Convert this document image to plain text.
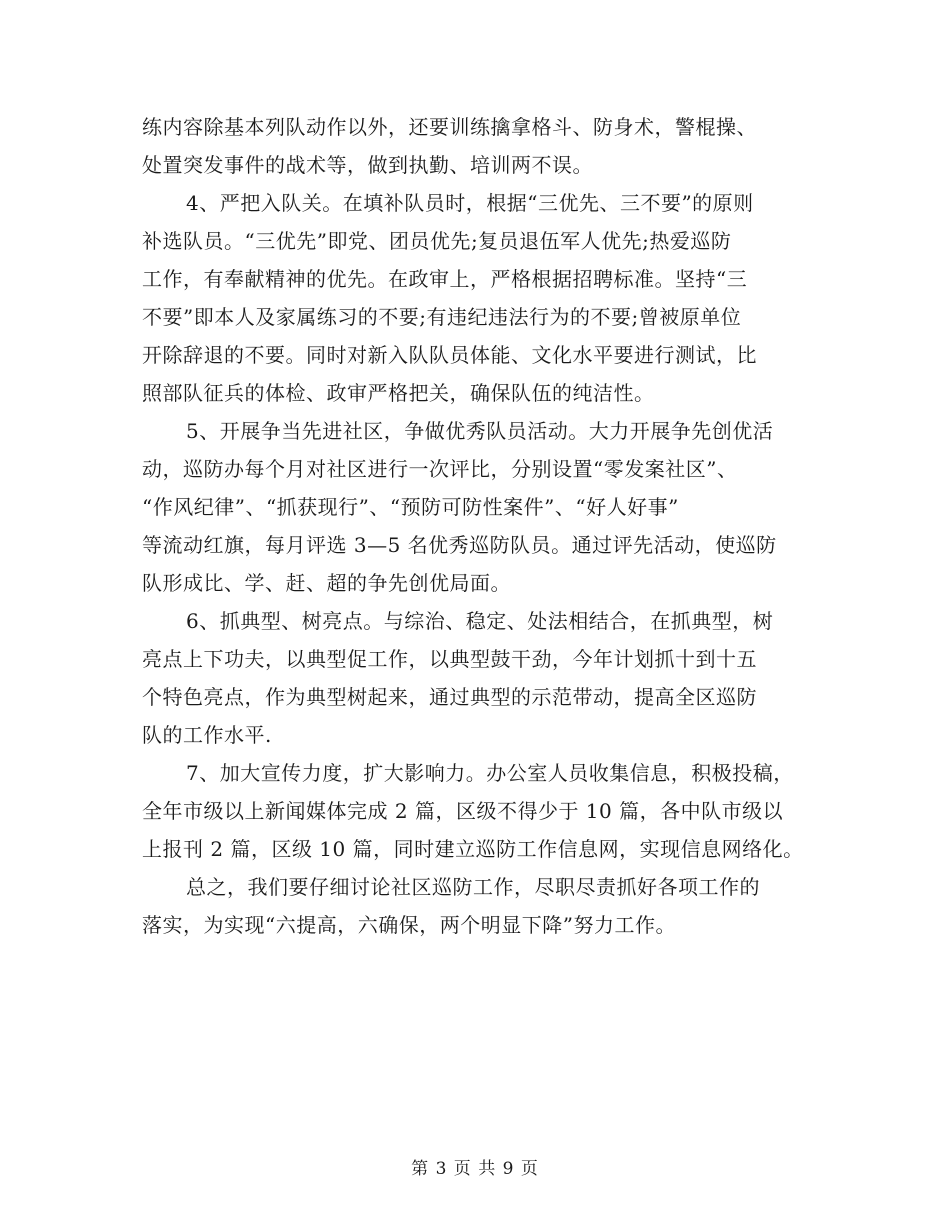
练内容除基本列队动作以外，还要训练擒拿格斗、防身术，警棍操、
处置突发事件的战术等，做到执勤、培训两不误。
4、严把入队关。在填补队员时，根据“三优先、三不要”的原则
补选队员。“三优先”即党、团员优先;复员退伍军人优先;热爱巡防
工作，有奉献精神的优先。在政审上，严格根据招聘标准。坚持“三
不要”即本人及家属练习的不要;有违纪违法行为的不要;曾被原单位
开除辞退的不要。同时对新入队队员体能、文化水平要进行测试，比
照部队征兵的体检、政审严格把关，确保队伍的纯洁性。
5、开展争当先进社区，争做优秀队员活动。大力开展争先创优活
动，巡防办每个月对社区进行一次评比，分别设置“零发案社区”、
“作风纪律”、“抓获现行”、“预防可防性案件”、“好人好事”
等流动红旗，每月评选 3—5 名优秀巡防队员。通过评先活动，使巡防
队形成比、学、赶、超的争先创优局面。
6、抓典型、树亮点。与综治、稳定、处法相结合，在抓典型，树
亮点上下功夫，以典型促工作，以典型鼓干劲，今年计划抓十到十五
个特色亮点，作为典型树起来，通过典型的示范带动，提高全区巡防
队的工作水平.
7、加大宣传力度，扩大影响力。办公室人员收集信息，积极投稿，
全年市级以上新闻媒体完成 2 篇，区级不得少于 10 篇，各中队市级以
上报刊 2 篇，区级 10 篇，同时建立巡防工作信息网，实现信息网络化。
总之，我们要仔细讨论社区巡防工作，尽职尽责抓好各项工作的
落实，为实现“六提高，六确保，两个明显下降”努力工作。
第 3 页 共 9 页
